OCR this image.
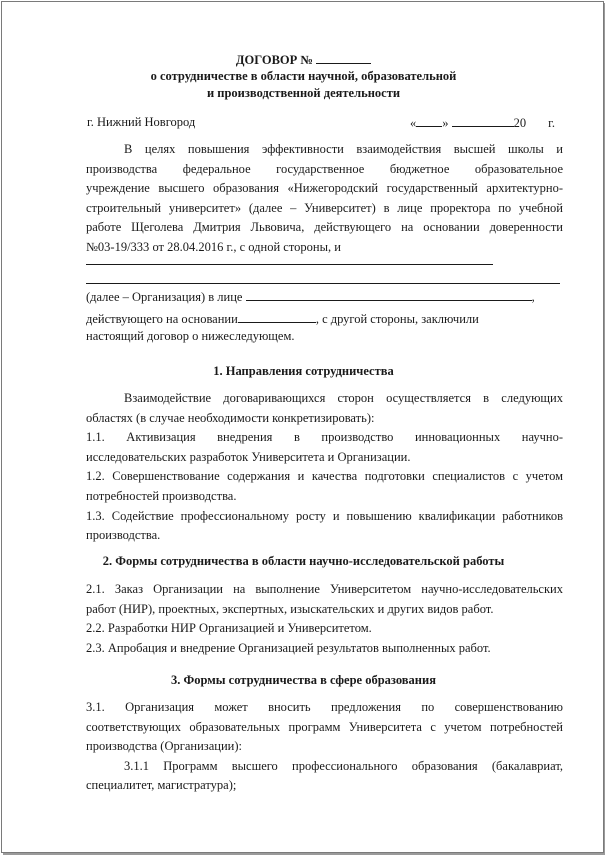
ДОГОВОР №
о сотрудничестве в области научной, образовательной
и производственной деятельности
г. Нижний Новгород	« »	20 г.
В целях повышения эффективности взаимодействия высшей школы и
производства федеральное государственное бюджетное образовательное
учреждение высшего образования «Нижегородский государственный архитектурно-
строительный университет» (далее – Университет) в лице проректора по учебной
работе Щеголева Дмитрия Львовича, действующего на основании доверенности
№03-19/333 от 28.04.2016 г., с одной стороны, и
(далее – Организация) в лице	,
действующего на основании	, с другой стороны, заключили
настоящий договор о нижеследующем.
1. Направления сотрудничества
Взаимодействие договаривающихся сторон осуществляется в следующих
областях (в случае необходимости конкретизировать):
1.1. Активизация внедрения в производство инновационных научно-
исследовательских разработок Университета и Организации.
1.2. Совершенствование содержания и качества подготовки специалистов с учетом
потребностей производства.
1.3. Содействие профессиональному росту и повышению квалификации работников
производства.
2. Формы сотрудничества в области научно-исследовательской работы
2.1. Заказ Организации на выполнение Университетом научно-исследовательских
работ (НИР), проектных, экспертных, изыскательских и других видов работ.
2.2. Разработки НИР Организацией и Университетом.
2.3. Апробация и внедрение Организацией результатов выполненных работ.
3. Формы сотрудничества в сфере образования
3.1. Организация может вносить предложения по совершенствованию
соответствующих образовательных программ Университета с учетом потребностей
производства (Организации):
3.1.1 Программ высшего профессионального образования (бакалавриат,
специалитет, магистратура);
